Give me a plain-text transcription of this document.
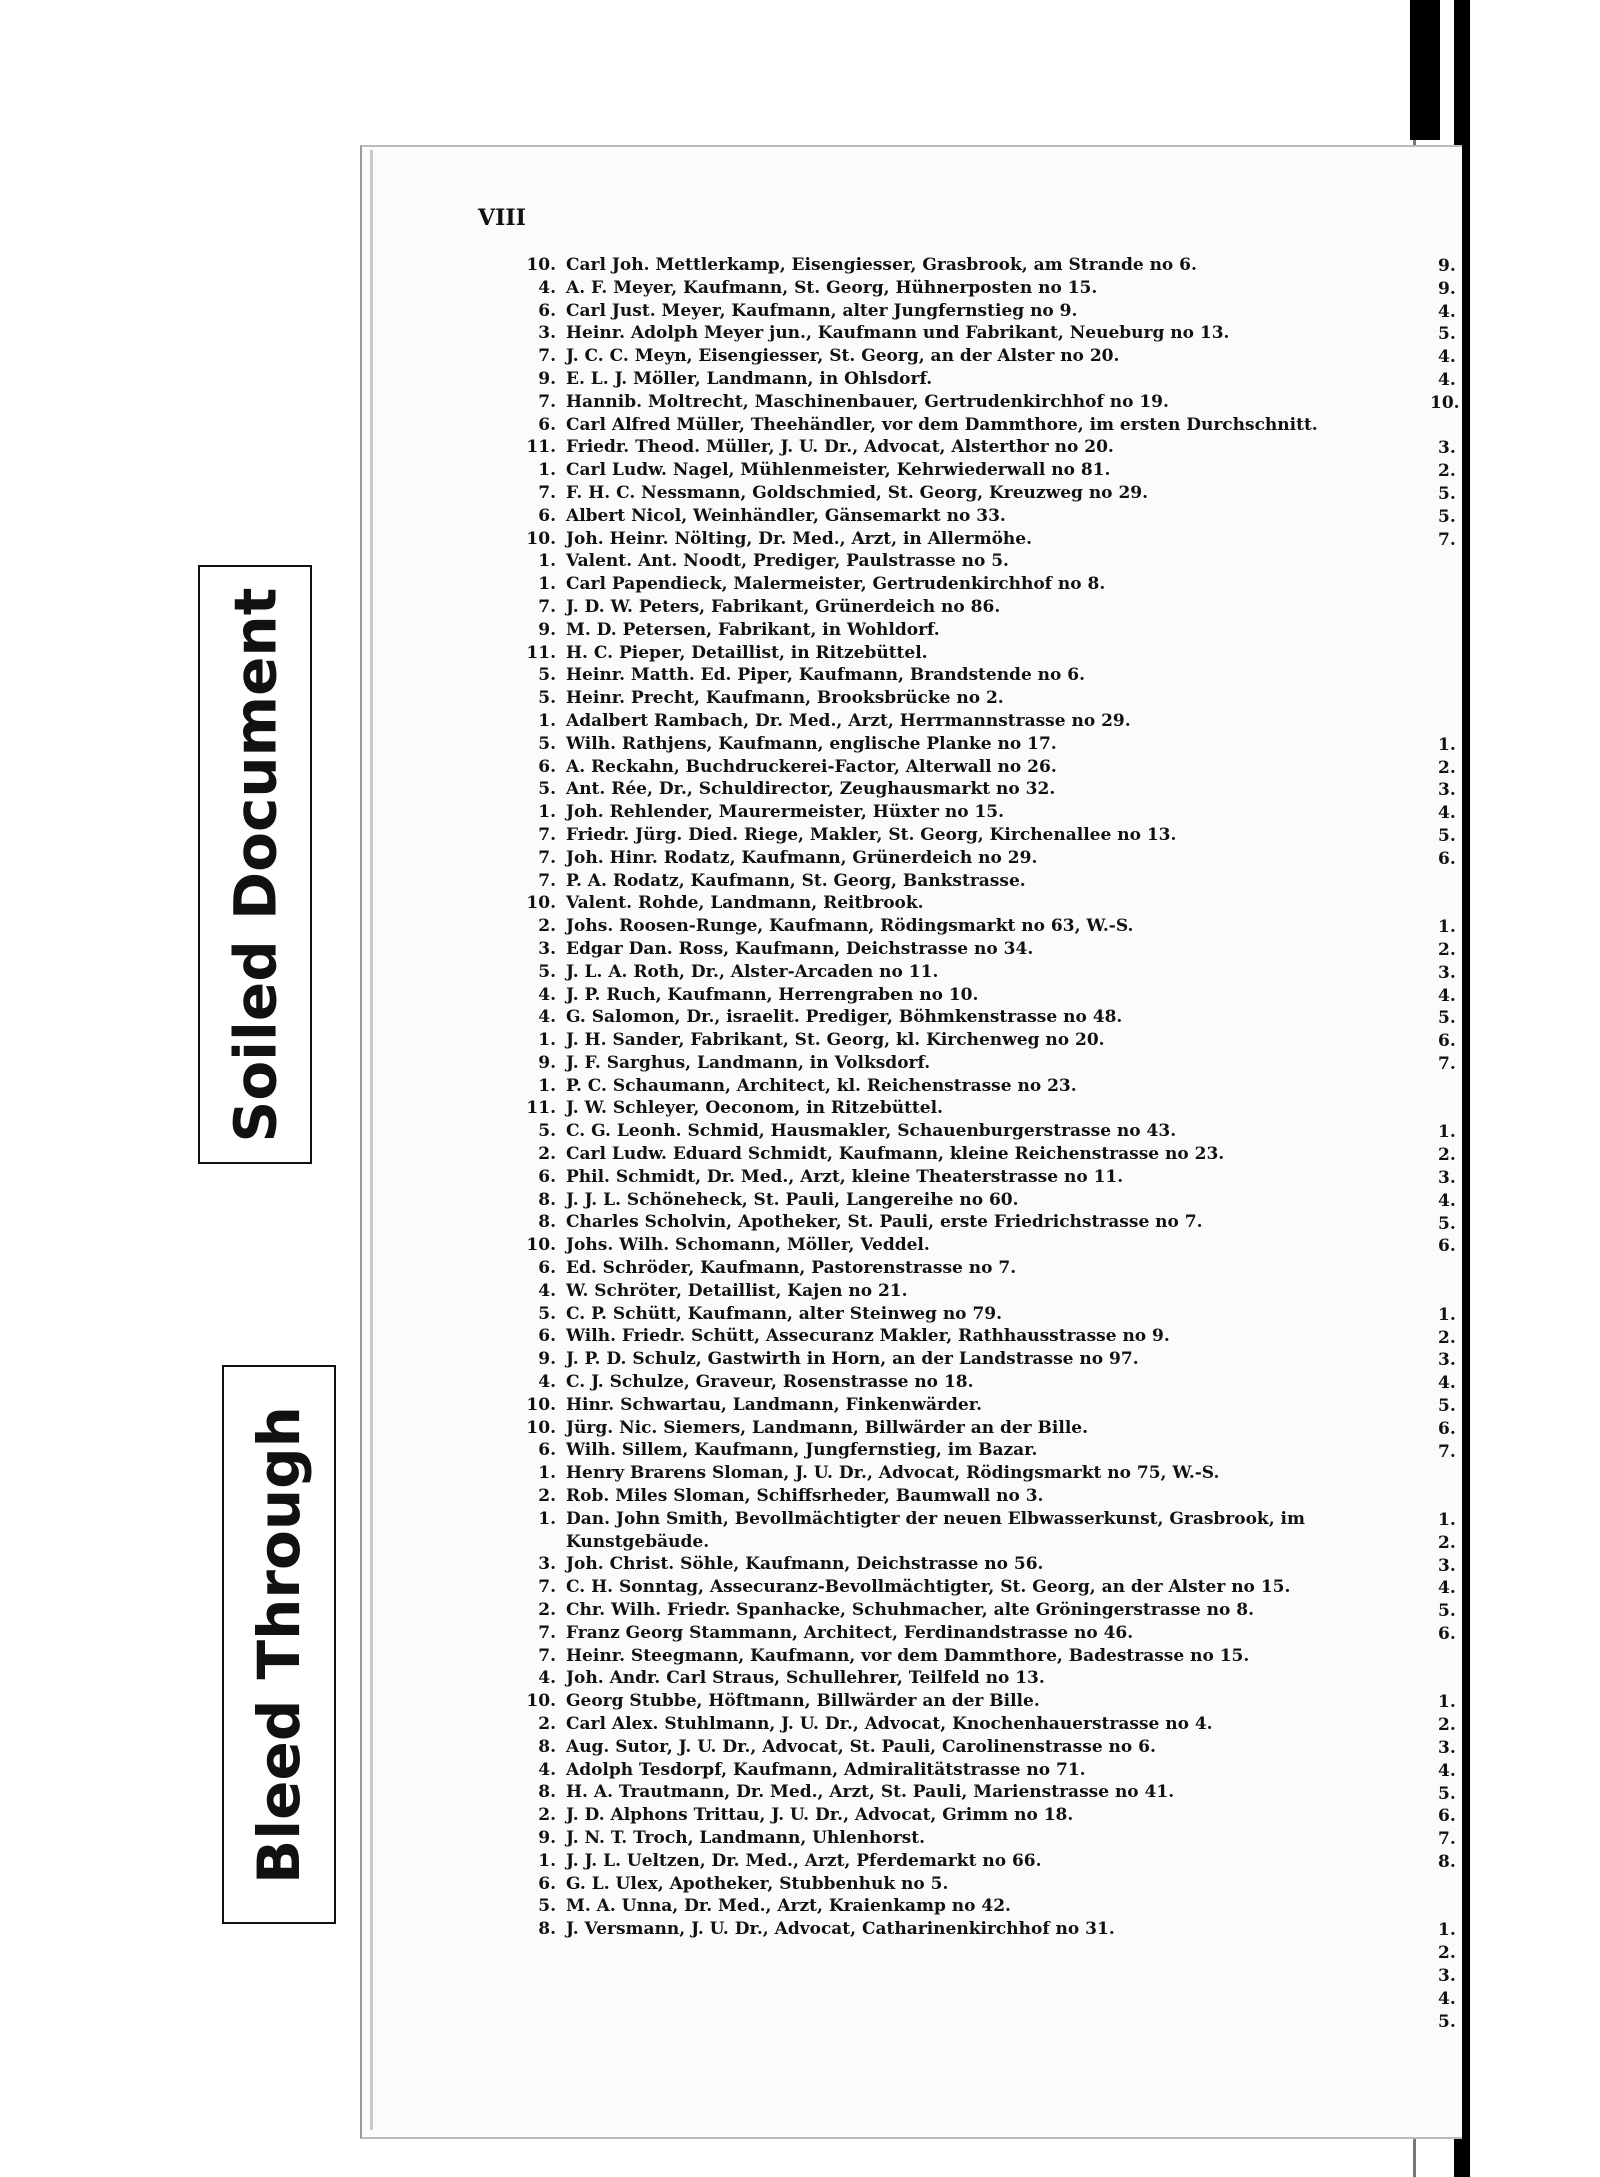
Soiled Document
Bleed Through
VIII
10. Carl Joh. Mettlerkamp, Eisengiesser, Grasbrook, am Strande no 6.
4. A. F. Meyer, Kaufmann, St. Georg, Hühnerposten no 15.
6. Carl Just. Meyer, Kaufmann, alter Jungfernstieg no 9.
3. Heinr. Adolph Meyer jun., Kaufmann und Fabrikant, Neueburg no 13.
7. J. C. C. Meyn, Eisengiesser, St. Georg, an der Alster no 20.
9. E. L. J. Möller, Landmann, in Ohlsdorf.
7. Hannib. Moltrecht, Maschinenbauer, Gertrudenkirchhof no 19.
6. Carl Alfred Müller, Theehändler, vor dem Dammthore, im ersten Durchschnitt.
11. Friedr. Theod. Müller, J. U. Dr., Advocat, Alsterthor no 20.
1. Carl Ludw. Nagel, Mühlenmeister, Kehrwiederwall no 81.
7. F. H. C. Nessmann, Goldschmied, St. Georg, Kreuzweg no 29.
6. Albert Nicol, Weinhändler, Gänsemarkt no 33.
10. Joh. Heinr. Nölting, Dr. Med., Arzt, in Allermöhe.
1. Valent. Ant. Noodt, Prediger, Paulstrasse no 5.
1. Carl Papendieck, Malermeister, Gertrudenkirchhof no 8.
7. J. D. W. Peters, Fabrikant, Grünerdeich no 86.
9. M. D. Petersen, Fabrikant, in Wohldorf.
11. H. C. Pieper, Detaillist, in Ritzebüttel.
5. Heinr. Matth. Ed. Piper, Kaufmann, Brandstende no 6.
5. Heinr. Precht, Kaufmann, Brooksbrücke no 2.
1. Adalbert Rambach, Dr. Med., Arzt, Herrmannstrasse no 29.
5. Wilh. Rathjens, Kaufmann, englische Planke no 17.
6. A. Reckahn, Buchdruckerei-Factor, Alterwall no 26.
5. Ant. Rée, Dr., Schuldirector, Zeughausmarkt no 32.
1. Joh. Rehlender, Maurermeister, Hüxter no 15.
7. Friedr. Jürg. Died. Riege, Makler, St. Georg, Kirchenallee no 13.
7. Joh. Hinr. Rodatz, Kaufmann, Grünerdeich no 29.
7. P. A. Rodatz, Kaufmann, St. Georg, Bankstrasse.
10. Valent. Rohde, Landmann, Reitbrook.
2. Johs. Roosen-Runge, Kaufmann, Rödingsmarkt no 63, W.-S.
3. Edgar Dan. Ross, Kaufmann, Deichstrasse no 34.
5. J. L. A. Roth, Dr., Alster-Arcaden no 11.
4. J. P. Ruch, Kaufmann, Herrengraben no 10.
4. G. Salomon, Dr., israelit. Prediger, Böhmkenstrasse no 48.
1. J. H. Sander, Fabrikant, St. Georg, kl. Kirchenweg no 20.
9. J. F. Sarghus, Landmann, in Volksdorf.
1. P. C. Schaumann, Architect, kl. Reichenstrasse no 23.
11. J. W. Schleyer, Oeconom, in Ritzebüttel.
5. C. G. Leonh. Schmid, Hausmakler, Schauenburgerstrasse no 43.
2. Carl Ludw. Eduard Schmidt, Kaufmann, kleine Reichenstrasse no 23.
6. Phil. Schmidt, Dr. Med., Arzt, kleine Theaterstrasse no 11.
8. J. J. L. Schöneheck, St. Pauli, Langereihe no 60.
8. Charles Scholvin, Apotheker, St. Pauli, erste Friedrichstrasse no 7.
10. Johs. Wilh. Schomann, Möller, Veddel.
6. Ed. Schröder, Kaufmann, Pastorenstrasse no 7.
4. W. Schröter, Detaillist, Kajen no 21.
5. C. P. Schütt, Kaufmann, alter Steinweg no 79.
6. Wilh. Friedr. Schütt, Assecuranz Makler, Rathhausstrasse no 9.
9. J. P. D. Schulz, Gastwirth in Horn, an der Landstrasse no 97.
4. C. J. Schulze, Graveur, Rosenstrasse no 18.
10. Hinr. Schwartau, Landmann, Finkenwärder.
10. Jürg. Nic. Siemers, Landmann, Billwärder an der Bille.
6. Wilh. Sillem, Kaufmann, Jungfernstieg, im Bazar.
1. Henry Brarens Sloman, J. U. Dr., Advocat, Rödingsmarkt no 75, W.-S.
2. Rob. Miles Sloman, Schiffsrheder, Baumwall no 3.
1. Dan. John Smith, Bevollmächtigter der neuen Elbwasserkunst, Grasbrook, im
Kunstgebäude.
3. Joh. Christ. Söhle, Kaufmann, Deichstrasse no 56.
7. C. H. Sonntag, Assecuranz-Bevollmächtigter, St. Georg, an der Alster no 15.
2. Chr. Wilh. Friedr. Spanhacke, Schuhmacher, alte Gröningerstrasse no 8.
7. Franz Georg Stammann, Architect, Ferdinandstrasse no 46.
7. Heinr. Steegmann, Kaufmann, vor dem Dammthore, Badestrasse no 15.
4. Joh. Andr. Carl Straus, Schullehrer, Teilfeld no 13.
10. Georg Stubbe, Höftmann, Billwärder an der Bille.
2. Carl Alex. Stuhlmann, J. U. Dr., Advocat, Knochenhauerstrasse no 4.
8. Aug. Sutor, J. U. Dr., Advocat, St. Pauli, Carolinenstrasse no 6.
4. Adolph Tesdorpf, Kaufmann, Admiralitätstrasse no 71.
8. H. A. Trautmann, Dr. Med., Arzt, St. Pauli, Marienstrasse no 41.
2. J. D. Alphons Trittau, J. U. Dr., Advocat, Grimm no 18.
9. J. N. T. Troch, Landmann, Uhlenhorst.
1. J. J. L. Ueltzen, Dr. Med., Arzt, Pferdemarkt no 66.
6. G. L. Ulex, Apotheker, Stubbenhuk no 5.
5. M. A. Unna, Dr. Med., Arzt, Kraienkamp no 42.
8. J. Versmann, J. U. Dr., Advocat, Catharinenkirchhof no 31.
9.
9.
4.
5.
4.
4.
10.
3.
2.
5.
5.
7.
1.
2.
3.
4.
5.
6.
1.
2.
3.
4.
5.
6.
7.
1.
2.
3.
4.
5.
6.
1.
2.
3.
4.
5.
6.
7.
1.
2.
3.
4.
5.
6.
1.
2.
3.
4.
5.
6.
7.
8.
1.
2.
3.
4.
5.
